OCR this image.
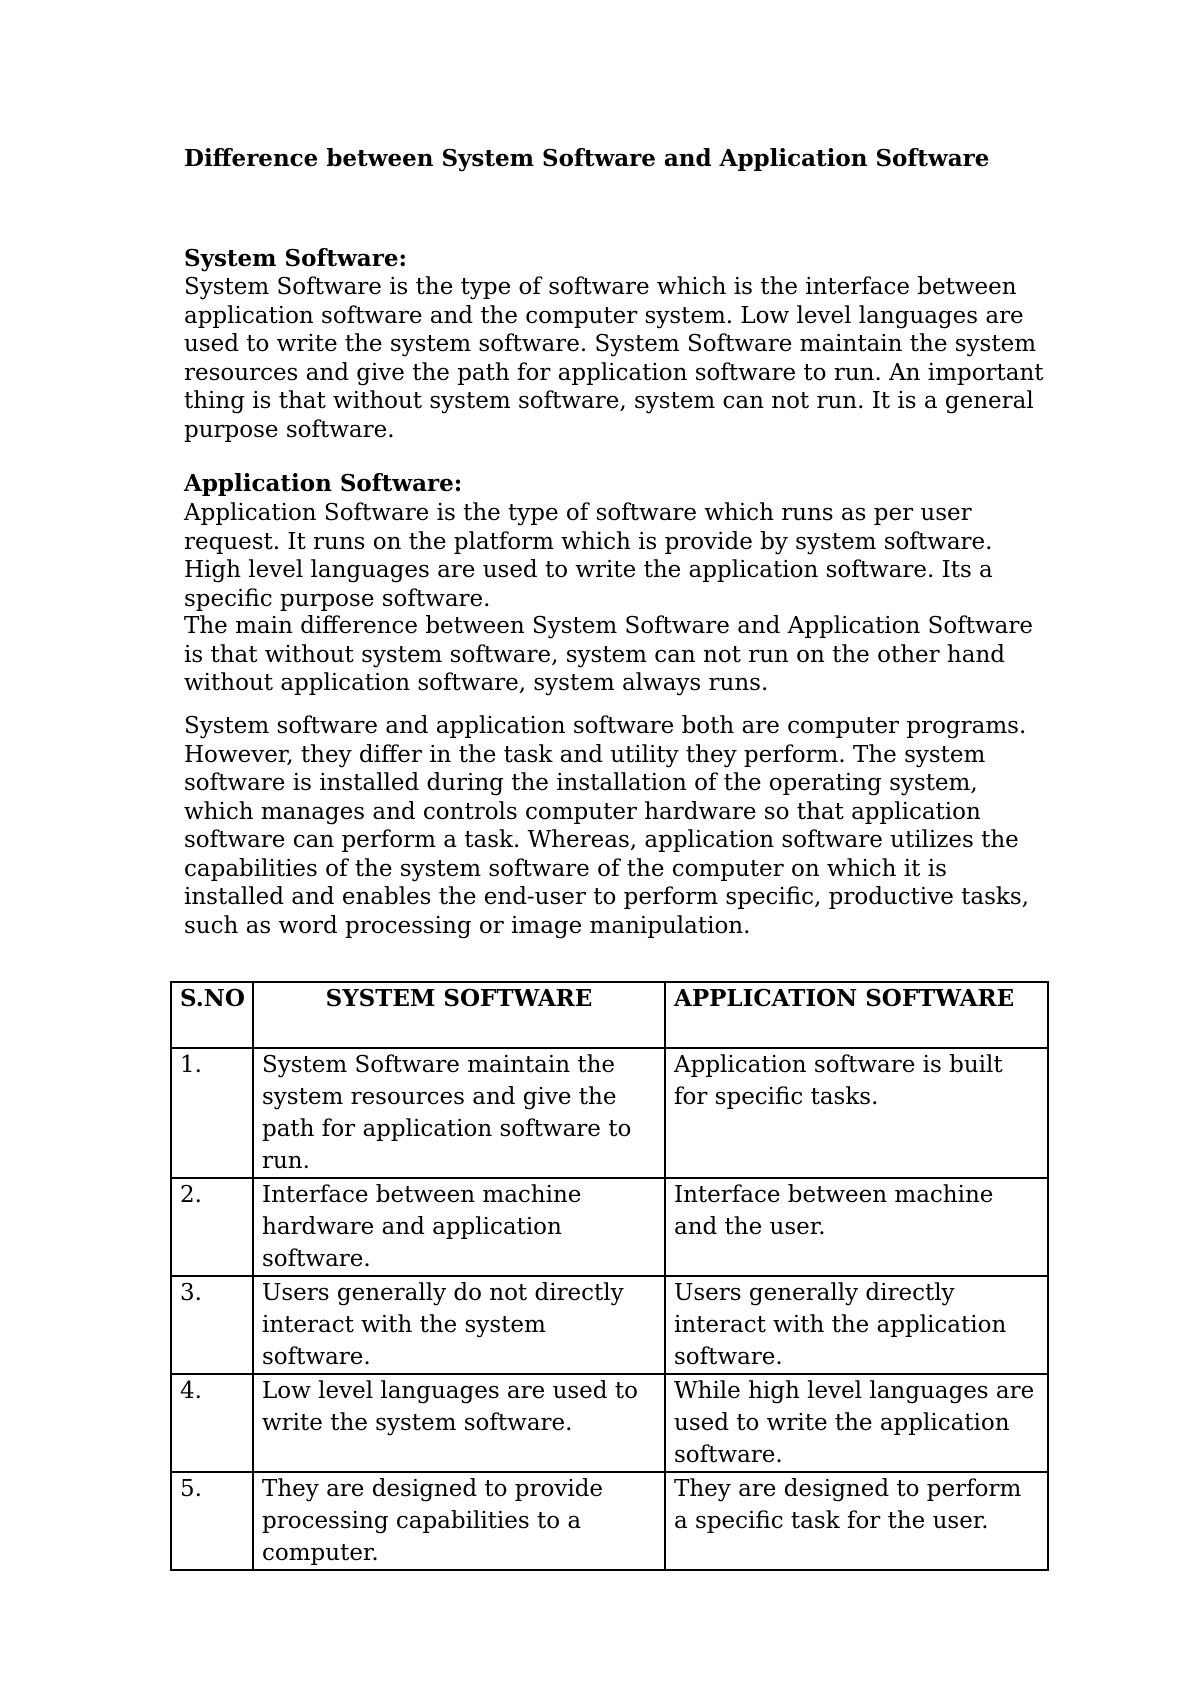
Difference between System Software and Application Software

System Software:

System Software is the type of software which is the interface between application software and the computer system. Low level languages are used to write the system software. System Software maintain the system resources and give the path for application software to run. An important thing is that without system software, system can not run. It is a general purpose software.

Application Software:

Application Software is the type of software which runs as per user request. It runs on the platform which is provide by system software. High level languages are used to write the application software. Its a specific purpose software.

The main difference between System Software and Application Software is that without system software, system can not run on the other hand without application software, system always runs.

System software and application software both are computer programs. However, they differ in the task and utility they perform. The system software is installed during the installation of the operating system, which manages and controls computer hardware so that application software can perform a task. Whereas, application software utilizes the capabilities of the system software of the computer on which it is installed and enables the end-user to perform specific, productive tasks, such as word processing or image manipulation.

S.NO	SYSTEM SOFTWARE	APPLICATION SOFTWARE
1.	System Software maintain the system resources and give the path for application software to run.	Application software is built for specific tasks.
2.	Interface between machine hardware and application software.	Interface between machine and the user.
3.	Users generally do not directly interact with the system software.	Users generally directly interact with the application software.
4.	Low level languages are used to write the system software.	While high level languages are used to write the application software.
5.	They are designed to provide processing capabilities to a computer.	They are designed to perform a specific task for the user.
